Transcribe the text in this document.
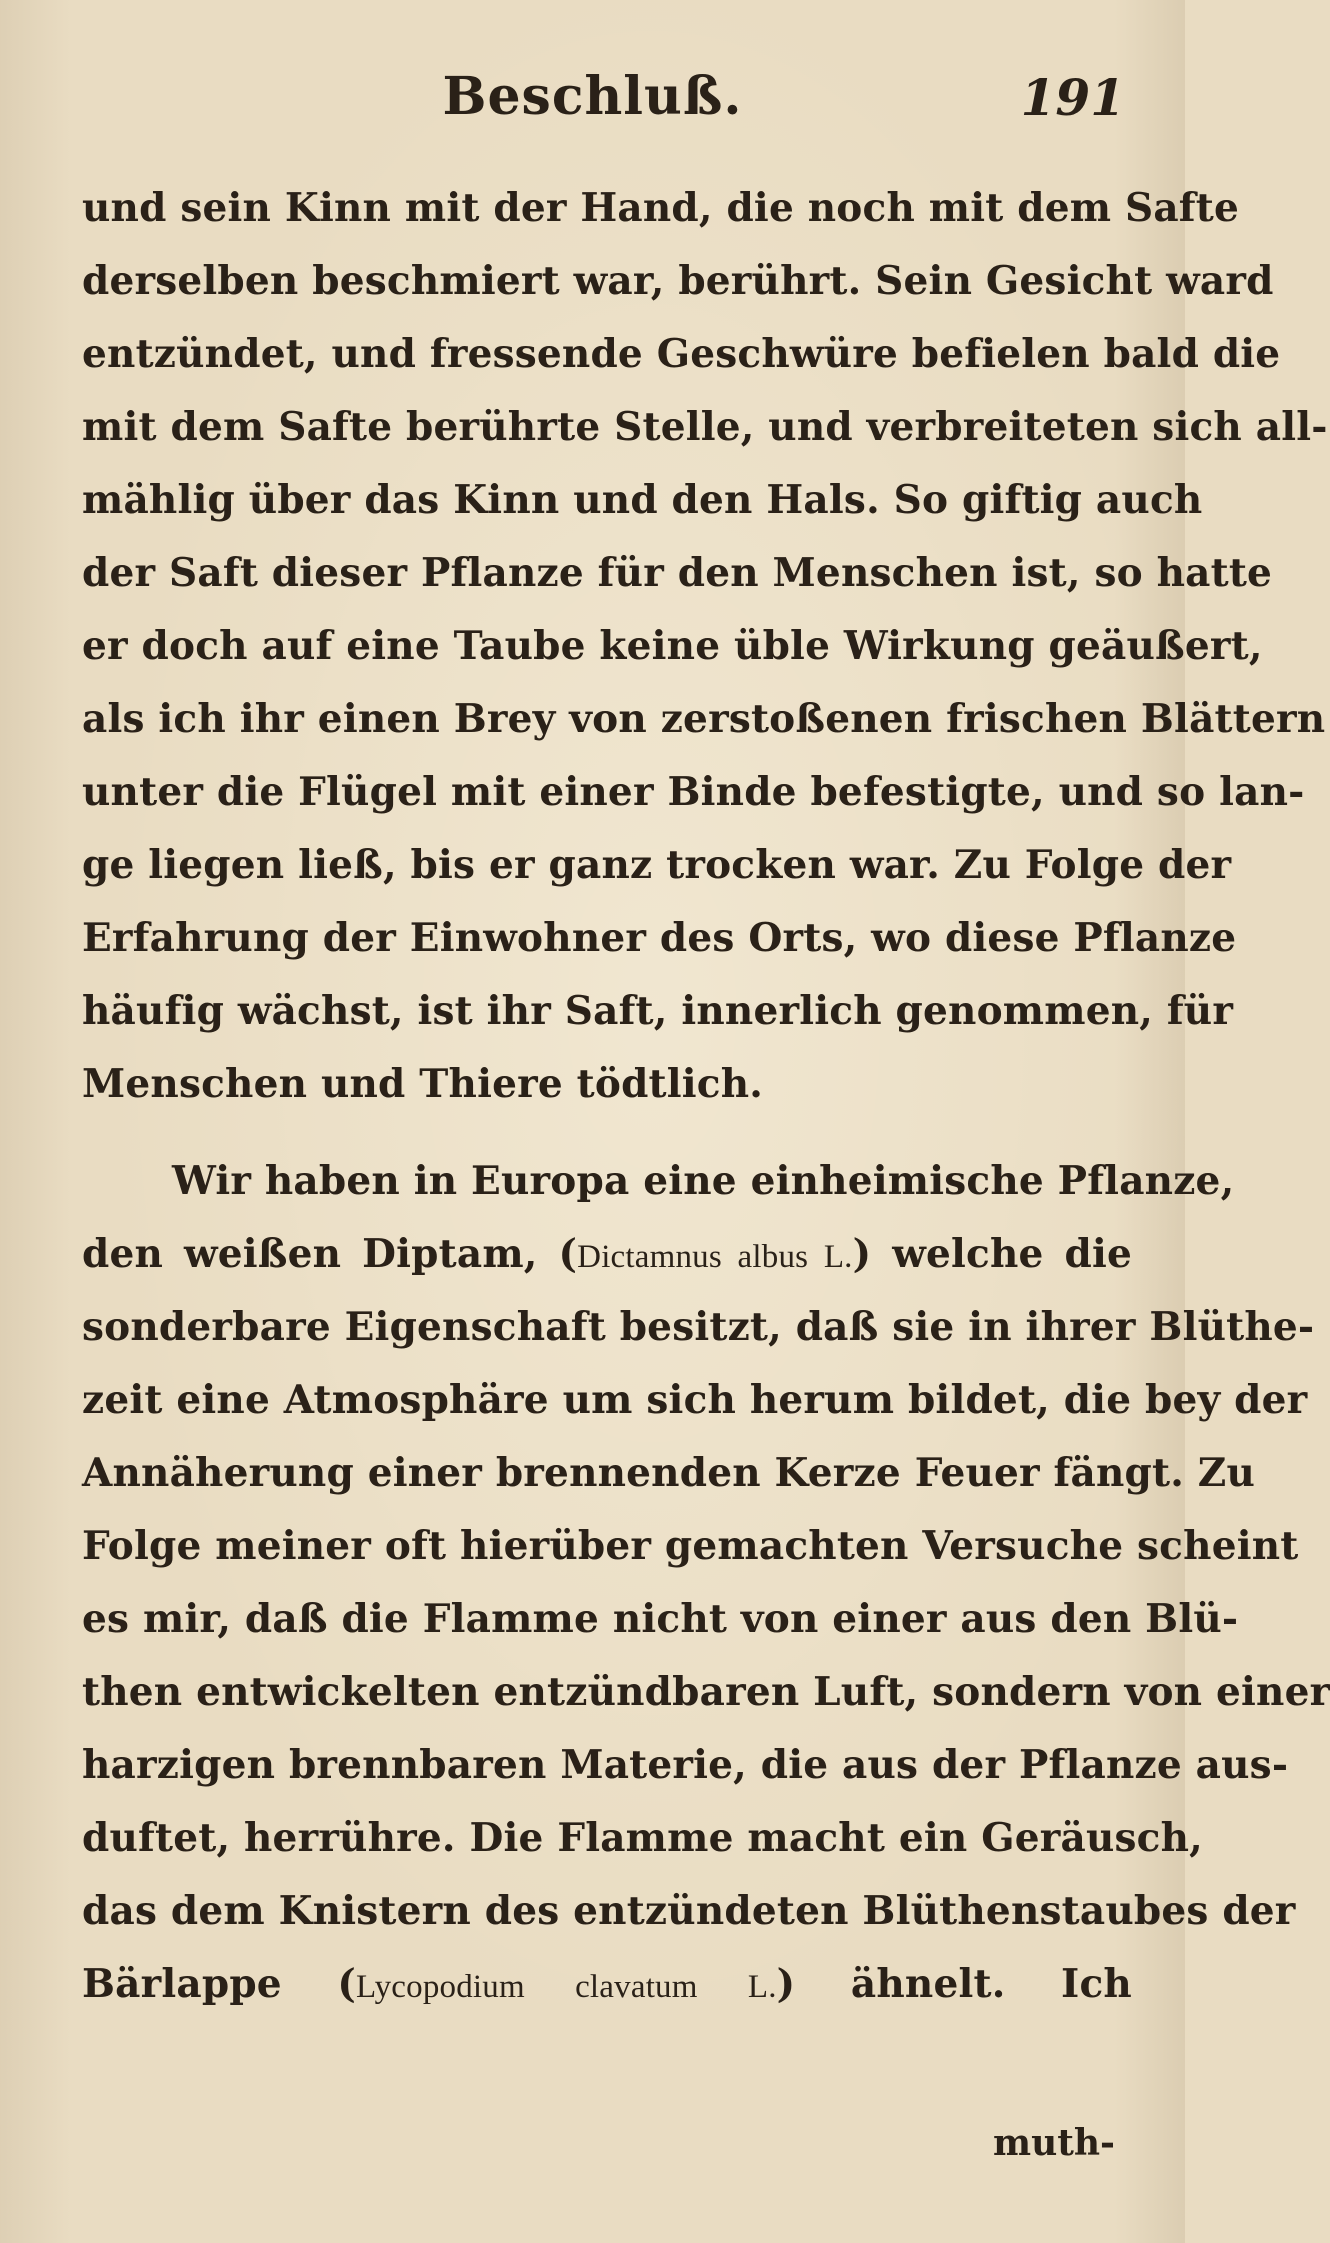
Beschluß.	191
und sein Kinn mit der Hand, die noch mit dem Safte
derselben beschmiert war, berührt. Sein Gesicht ward
entzündet, und fressende Geschwüre befielen bald die
mit dem Safte berührte Stelle, und verbreiteten sich all-
mählig über das Kinn und den Hals. So giftig auch
der Saft dieser Pflanze für den Menschen ist, so hatte
er doch auf eine Taube keine üble Wirkung geäußert,
als ich ihr einen Brey von zerstoßenen frischen Blättern
unter die Flügel mit einer Binde befestigte, und so lan-
ge liegen ließ, bis er ganz trocken war. Zu Folge der
Erfahrung der Einwohner des Orts, wo diese Pflanze
häufig wächst, ist ihr Saft, innerlich genommen, für
Menschen und Thiere tödtlich.
Wir haben in Europa eine einheimische Pflanze,
den weißen Diptam, (Dictamnus albus L.) welche die
sonderbare Eigenschaft besitzt, daß sie in ihrer Blüthe-
zeit eine Atmosphäre um sich herum bildet, die bey der
Annäherung einer brennenden Kerze Feuer fängt. Zu
Folge meiner oft hierüber gemachten Versuche scheint
es mir, daß die Flamme nicht von einer aus den Blü-
then entwickelten entzündbaren Luft, sondern von einer
harzigen brennbaren Materie, die aus der Pflanze aus-
duftet, herrühre. Die Flamme macht ein Geräusch,
das dem Knistern des entzündeten Blüthenstaubes der
Bärlappe (Lycopodium clavatum L.) ähnelt. Ich
muth-
